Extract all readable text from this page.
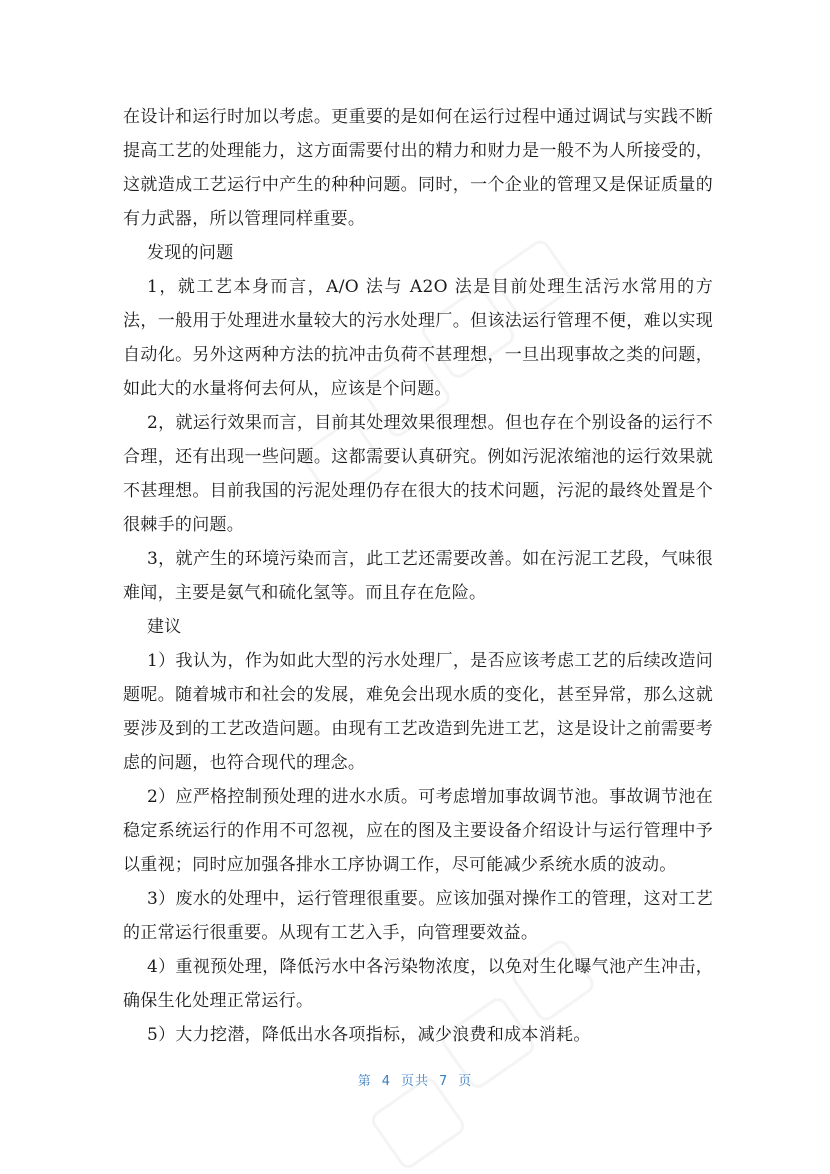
在设计和运行时加以考虑。更重要的是如何在运行过程中通过调试与实践不断提高工艺的处理能力，这方面需要付出的精力和财力是一般不为人所接受的，这就造成工艺运行中产生的种种问题。同时，一个企业的管理又是保证质量的有力武器，所以管理同样重要。

发现的问题

1，就工艺本身而言，A/O 法与 A2O 法是目前处理生活污水常用的方法，一般用于处理进水量较大的污水处理厂。但该法运行管理不便，难以实现自动化。另外这两种方法的抗冲击负荷不甚理想，一旦出现事故之类的问题，如此大的水量将何去何从，应该是个问题。

2，就运行效果而言，目前其处理效果很理想。但也存在个别设备的运行不合理，还有出现一些问题。这都需要认真研究。例如污泥浓缩池的运行效果就不甚理想。目前我国的污泥处理仍存在很大的技术问题，污泥的最终处置是个很棘手的问题。

3，就产生的环境污染而言，此工艺还需要改善。如在污泥工艺段，气味很难闻，主要是氨气和硫化氢等。而且存在危险。

建议

1）我认为，作为如此大型的污水处理厂，是否应该考虑工艺的后续改造问题呢。随着城市和社会的发展，难免会出现水质的变化，甚至异常，那么这就要涉及到的工艺改造问题。由现有工艺改造到先进工艺，这是设计之前需要考虑的问题，也符合现代的理念。

2）应严格控制预处理的进水水质。可考虑增加事故调节池。事故调节池在稳定系统运行的作用不可忽视，应在的图及主要设备介绍设计与运行管理中予以重视；同时应加强各排水工序协调工作，尽可能减少系统水质的波动。

3）废水的处理中，运行管理很重要。应该加强对操作工的管理，这对工艺的正常运行很重要。从现有工艺入手，向管理要效益。

4）重视预处理，降低污水中各污染物浓度，以免对生化曝气池产生冲击，确保生化处理正常运行。

5）大力挖潜，降低出水各项指标，减少浪费和成本消耗。

第 4 页共 7 页
